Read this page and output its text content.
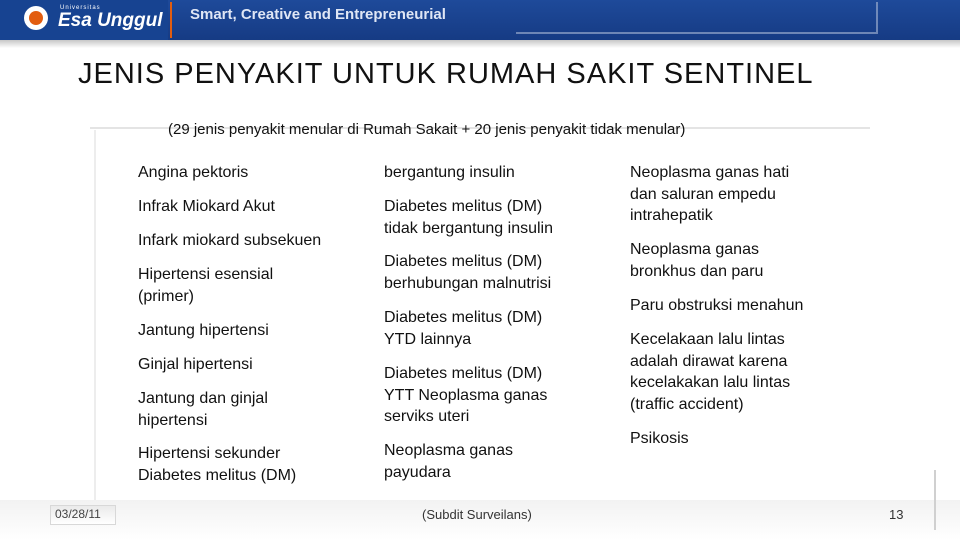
Universitas
Esa Unggul Smart, Creative and Entrepreneurial
JENIS PENYAKIT UNTUK RUMAH SAKIT SENTINEL
(29 jenis penyakit menular di Rumah Sakait + 20 jenis penyakit tidak menular)
Angina pektoris
Infrak Miokard Akut
Infark miokard subsekuen
Hipertensi esensial
(primer)
Jantung hipertensi
Ginjal hipertensi
Jantung dan ginjal
hipertensi
Hipertensi sekunder
Diabetes melitus (DM)
bergantung insulin
Diabetes melitus (DM)
tidak bergantung insulin
Diabetes melitus (DM)
berhubungan malnutrisi
Diabetes melitus (DM)
YTD lainnya
Diabetes melitus (DM)
YTT Neoplasma ganas
serviks uteri
Neoplasma ganas
payudara
Neoplasma ganas hati
dan saluran empedu
intrahepatik
Neoplasma ganas
bronkhus dan paru
Paru obstruksi menahun
Kecelakaan lalu lintas
adalah dirawat karena
kecelakakan lalu lintas
(traffic accident)
Psikosis
03/28/11	(Subdit Surveilans)	13
